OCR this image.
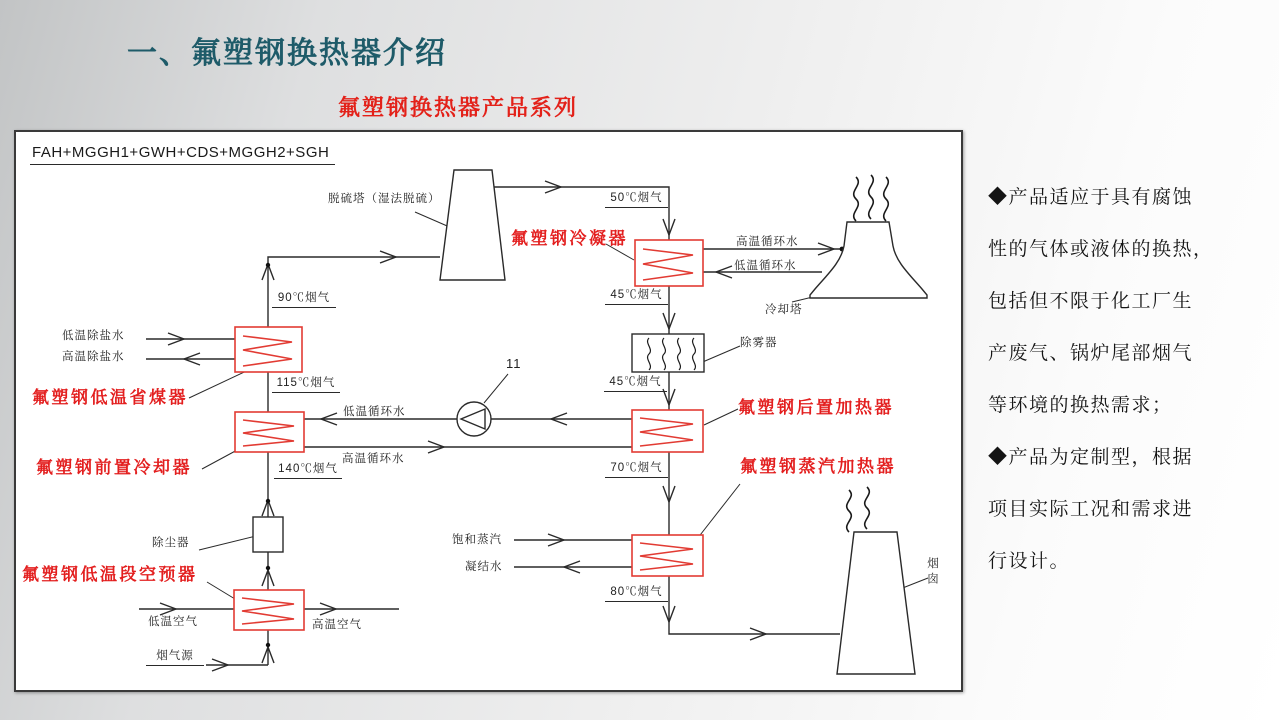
一、氟塑钢换热器介绍
氟塑钢换热器产品系列
FAH+MGGH1+GWH+CDS+MGGH2+SGH
脱硫塔（湿法脱硫）	50℃烟气
氟塑钢冷凝器	高温循环水
低温循环水
冷却塔
45℃烟气
除雾器
45℃烟气
氟塑钢后置加热器
11
低温循环水
高温循环水
90℃烟气
低温除盐水
高温除盐水
氟塑钢低温省煤器
115℃烟气
氟塑钢前置冷却器	140℃烟气
除尘器
氟塑钢低温段空预器
低温空气	高温空气
烟气源
70℃烟气	氟塑钢蒸汽加热器
饱和蒸汽
凝结水
80℃烟气
烟囱
◆产品适应于具有腐蚀
性的气体或液体的换热，
包括但不限于化工厂生
产废气、锅炉尾部烟气
等环境的换热需求；
◆产品为定制型，根据
项目实际工况和需求进
行设计。
